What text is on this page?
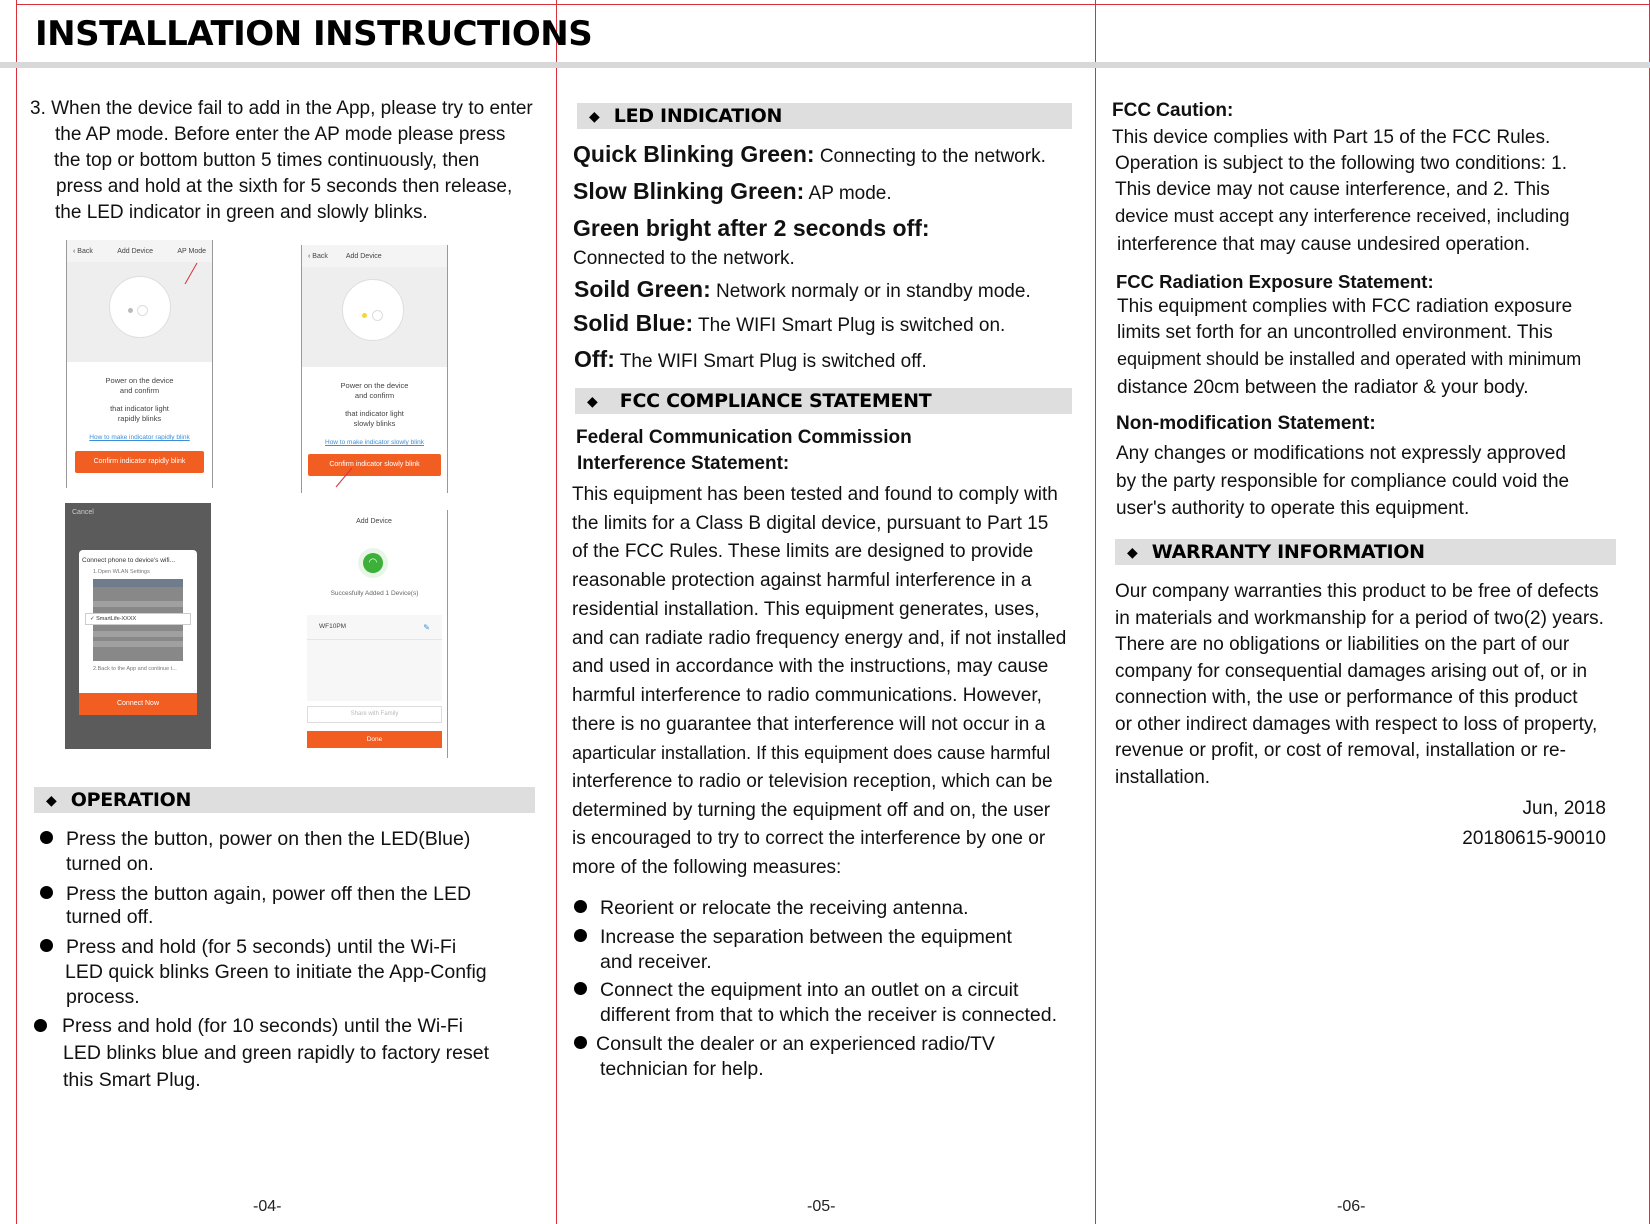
INSTALLATION INSTRUCTIONS
3. When the device fail to add in the App, please try to enter
the AP mode. Before enter the AP mode please press
the top or bottom button 5 times continuously, then
press and hold at the sixth for 5 seconds then release,
the LED indicator in green and slowly blinks.
‹ Back	Add Device	AP Mode
Power on the device
and confirm
that indicator light
rapidly blinks
How to make indicator rapidly blink
Confirm indicator rapidly blink
‹ Back	Add Device
Power on the device
and confirm
that indicator light
slowly blinks
How to make indicator slowly blink
Confirm indicator slowly blink
Cancel
Connect phone to device's wifi...
1.Open WLAN Settings
✓ SmartLife-XXXX
2.Back to the App and continue t...
Connect Now
Add Device
◠
Succesfully Added 1 Device(s)
WF10PM	✎
Share with Family
Done
◆ OPERATION
Press the button, power on then the LED(Blue)
turned on.
Press the button again, power off then the LED
turned off.
Press and hold (for 5 seconds) until the Wi-Fi
LED quick blinks Green to initiate the App-Config
process.
Press and hold (for 10 seconds) until the Wi-Fi
LED blinks blue and green rapidly to factory reset
this Smart Plug.
-04-
◆ LED INDICATION
Quick Blinking Green: Connecting to the network.
Slow Blinking Green: AP mode.
Green bright after 2 seconds off:
Connected to the network.
Soild Green: Network normaly or in standby mode.
Solid Blue: The WIFI Smart Plug is switched on.
Off: The WIFI Smart Plug is switched off.
◆ FCC COMPLIANCE STATEMENT
Federal Communication Commission
Interference Statement:
This equipment has been tested and found to comply with
the limits for a Class B digital device, pursuant to Part 15
of the FCC Rules. These limits are designed to provide
reasonable protection against harmful interference in a
residential installation. This equipment generates, uses,
and can radiate radio frequency energy and, if not installed
and used in accordance with the instructions, may cause
harmful interference to radio communications. However,
there is no guarantee that interference will not occur in a
aparticular installation. If this equipment does cause harmful
interference to radio or television reception, which can be
determined by turning the equipment off and on, the user
is encouraged to try to correct the interference by one or
more of the following measures:
Reorient or relocate the receiving antenna.
Increase the separation between the equipment
and receiver.
Connect the equipment into an outlet on a circuit
different from that to which the receiver is connected.
Consult the dealer or an experienced radio/TV
technician for help.
-05-
FCC Caution:
This device complies with Part 15 of the FCC Rules.
Operation is subject to the following two conditions: 1.
This device may not cause interference, and 2. This
device must accept any interference received, including
interference that may cause undesired operation.
FCC Radiation Exposure Statement:
This equipment complies with FCC radiation exposure
limits set forth for an uncontrolled environment. This
equipment should be installed and operated with minimum
distance 20cm between the radiator & your body.
Non-modification Statement:
Any changes or modifications not expressly approved
by the party responsible for compliance could void the
user's authority to operate this equipment.
◆ WARRANTY INFORMATION
Our company warranties this product to be free of defects
in materials and workmanship for a period of two(2) years.
There are no obligations or liabilities on the part of our
company for consequential damages arising out of, or in
connection with, the use or performance of this product
or other indirect damages with respect to loss of property,
revenue or profit, or cost of removal, installation or re-
installation.
Jun, 2018
20180615-90010
-06-
